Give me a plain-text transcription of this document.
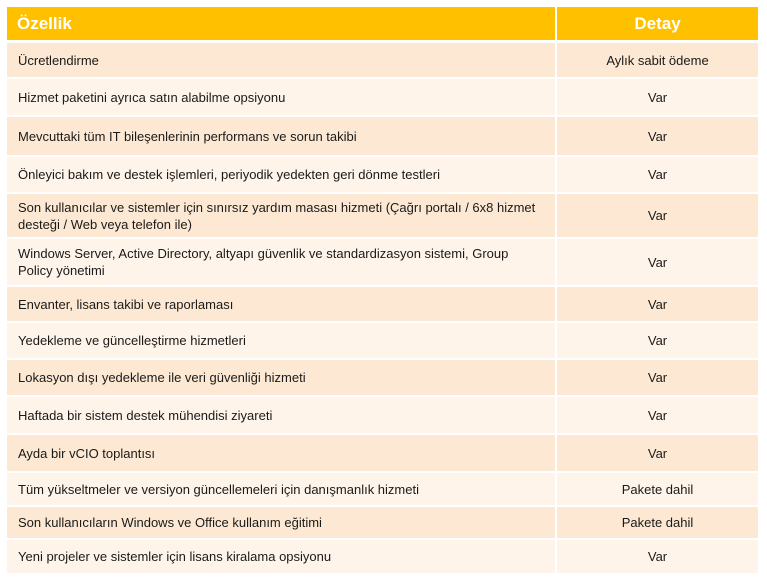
Özellik	Detay
Ücretlendirme	Aylık sabit ödeme
Hizmet paketini ayrıca satın alabilme opsiyonu	Var
Mevcuttaki tüm IT bileşenlerinin performans ve sorun takibi	Var
Önleyici bakım ve destek işlemleri, periyodik yedekten geri dönme testleri	Var
Son kullanıcılar ve sistemler için sınırsız yardım masası hizmeti (Çağrı portalı / 6x8 hizmet desteği / Web veya telefon ile)	Var
Windows Server, Active Directory, altyapı güvenlik ve standardizasyon sistemi, Group Policy yönetimi	Var
Envanter, lisans takibi ve raporlaması	Var
Yedekleme ve güncelleştirme hizmetleri	Var
Lokasyon dışı yedekleme ile veri güvenliği hizmeti	Var
Haftada bir sistem destek mühendisi ziyareti	Var
Ayda bir vCIO toplantısı	Var
Tüm yükseltmeler ve versiyon güncellemeleri için danışmanlık hizmeti	Pakete dahil
Son kullanıcıların Windows ve Office kullanım eğitimi	Pakete dahil
Yeni projeler ve sistemler için lisans kiralama opsiyonu	Var
